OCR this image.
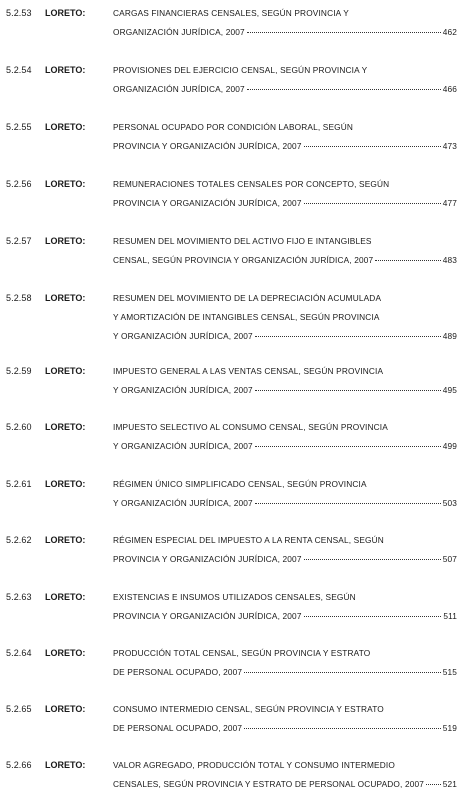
5.2.53 LORETO:	CARGAS FINANCIERAS CENSALES, SEGÚN PROVINCIA Y
ORGANIZACIÓN JURÍDICA, 2007	462
5.2.54 LORETO:	PROVISIONES DEL EJERCICIO CENSAL, SEGÚN PROVINCIA Y
ORGANIZACIÓN JURÍDICA, 2007	466
5.2.55 LORETO:	PERSONAL OCUPADO POR CONDICIÓN LABORAL, SEGÚN
PROVINCIA Y ORGANIZACIÓN JURÍDICA, 2007	473
5.2.56 LORETO:	REMUNERACIONES TOTALES CENSALES POR CONCEPTO, SEGÚN
PROVINCIA Y ORGANIZACIÓN JURÍDICA, 2007	477
5.2.57 LORETO:	RESUMEN DEL MOVIMIENTO DEL ACTIVO FIJO E INTANGIBLES
CENSAL, SEGÚN PROVINCIA Y ORGANIZACIÓN JURÍDICA, 2007	483
5.2.58 LORETO:	RESUMEN DEL MOVIMIENTO DE LA DEPRECIACIÓN ACUMULADA
Y AMORTIZACIÓN DE INTANGIBLES CENSAL, SEGÚN PROVINCIA
Y ORGANIZACIÓN JURÍDICA, 2007	489
5.2.59 LORETO:	IMPUESTO GENERAL A LAS VENTAS CENSAL, SEGÚN PROVINCIA
Y ORGANIZACIÓN JURÍDICA, 2007	495
5.2.60 LORETO:	IMPUESTO SELECTIVO AL CONSUMO CENSAL, SEGÚN PROVINCIA
Y ORGANIZACIÓN JURÍDICA, 2007	499
5.2.61 LORETO:	RÉGIMEN ÚNICO SIMPLIFICADO CENSAL, SEGÚN PROVINCIA
Y ORGANIZACIÓN JURÍDICA, 2007	503
5.2.62 LORETO:	RÉGIMEN ESPECIAL DEL IMPUESTO A LA RENTA CENSAL, SEGÚN
PROVINCIA Y ORGANIZACIÓN JURÍDICA, 2007	507
5.2.63 LORETO:	EXISTENCIAS E INSUMOS UTILIZADOS CENSALES, SEGÚN
PROVINCIA Y ORGANIZACIÓN JURÍDICA, 2007	511
5.2.64 LORETO:	PRODUCCIÓN TOTAL CENSAL, SEGÚN PROVINCIA Y ESTRATO
DE PERSONAL OCUPADO, 2007	515
5.2.65 LORETO:	CONSUMO INTERMEDIO CENSAL, SEGÚN PROVINCIA Y ESTRATO
DE PERSONAL OCUPADO, 2007	519
5.2.66 LORETO:	VALOR AGREGADO, PRODUCCIÓN TOTAL Y CONSUMO INTERMEDIO
CENSALES, SEGÚN PROVINCIA Y ESTRATO DE PERSONAL OCUPADO, 2007 521
